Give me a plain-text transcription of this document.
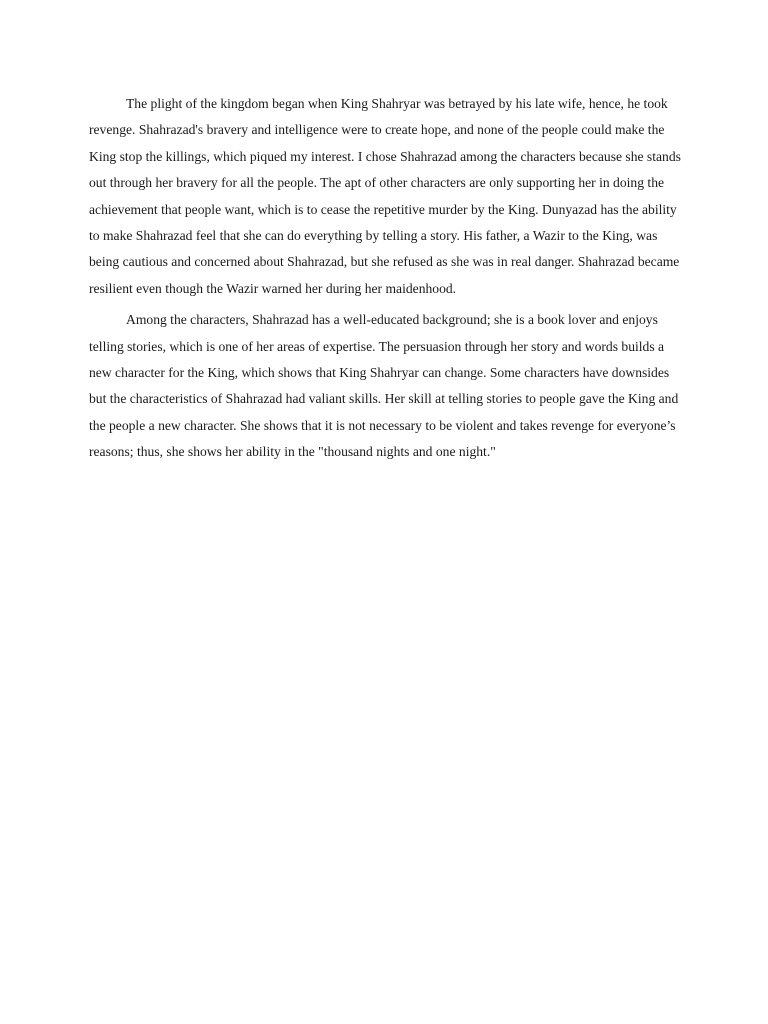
The plight of the kingdom began when King Shahryar was betrayed by his late wife, hence, he took revenge. Shahrazad's bravery and intelligence were to create hope, and none of the people could make the King stop the killings, which piqued my interest. I chose Shahrazad among the characters because she stands out through her bravery for all the people. The apt of other characters are only supporting her in doing the achievement that people want, which is to cease the repetitive murder by the King. Dunyazad has the ability to make Shahrazad feel that she can do everything by telling a story. His father, a Wazir to the King, was being cautious and concerned about Shahrazad, but she refused as she was in real danger. Shahrazad became resilient even though the Wazir warned her during her maidenhood.

Among the characters, Shahrazad has a well-educated background; she is a book lover and enjoys telling stories, which is one of her areas of expertise. The persuasion through her story and words builds a new character for the King, which shows that King Shahryar can change. Some characters have downsides but the characteristics of Shahrazad had valiant skills. Her skill at telling stories to people gave the King and the people a new character. She shows that it is not necessary to be violent and takes revenge for everyone’s reasons; thus, she shows her ability in the "thousand nights and one night."
